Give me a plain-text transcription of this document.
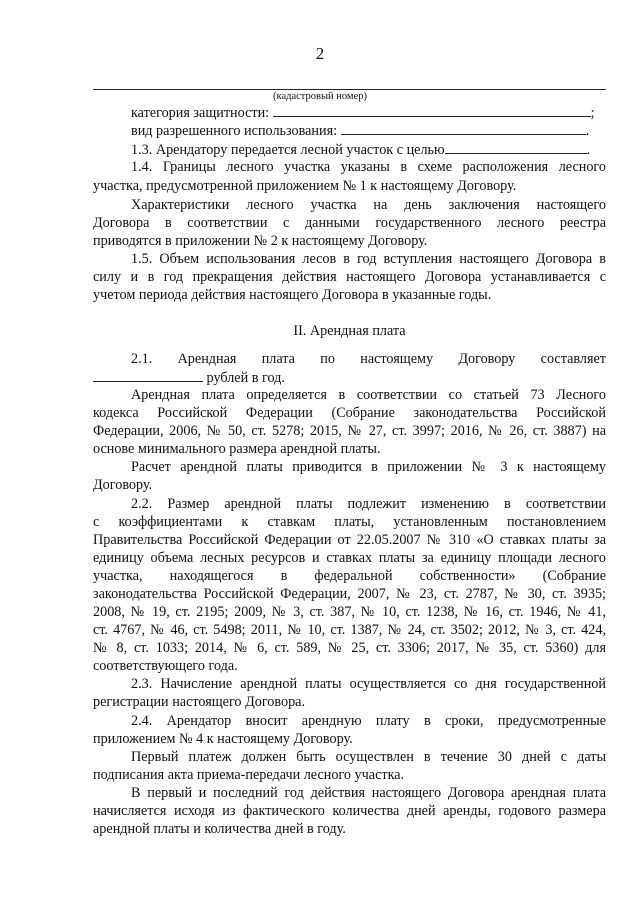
2
(кадастровый номер)
категория защитности:	;
вид разрешенного использования:	.
1.3. Арендатору передается лесной участок с целью	.
1.4. Границы лесного участка указаны в схеме расположения лесного
участка, предусмотренной приложением № 1 к настоящему Договору.
Характеристики лесного участка на день заключения настоящего
Договора в соответствии с данными государственного лесного реестра
приводятся в приложении № 2 к настоящему Договору.
1.5. Объем использования лесов в год вступления настоящего Договора в
силу и в год прекращения действия настоящего Договора устанавливается с
учетом периода действия настоящего Договора в указанные годы.
II. Арендная плата
2.1. Арендная плата по настоящему Договору составляет
рублей в год.
Арендная плата определяется в соответствии со статьей 73 Лесного
кодекса Российской Федерации (Собрание законодательства Российской
Федерации, 2006, № 50, ст. 5278; 2015, № 27, ст. 3997; 2016, № 26, ст. 3887) на
основе минимального размера арендной платы.
Расчет арендной платы приводится в приложении № 3 к настоящему
Договору.
2.2. Размер арендной платы подлежит изменению в соответствии
с коэффициентами к ставкам платы, установленным постановлением
Правительства Российской Федерации от 22.05.2007 № 310 «О ставках платы за
единицу объема лесных ресурсов и ставках платы за единицу площади лесного
участка, находящегося в федеральной собственности» (Собрание
законодательства Российской Федерации, 2007, № 23, ст. 2787, № 30, ст. 3935;
2008, № 19, ст. 2195; 2009, № 3, ст. 387, № 10, ст. 1238, № 16, ст. 1946, № 41,
ст. 4767, № 46, ст. 5498; 2011, № 10, ст. 1387, № 24, ст. 3502; 2012, № 3, ст. 424,
№ 8, ст. 1033; 2014, № 6, ст. 589, № 25, ст. 3306; 2017, № 35, ст. 5360) для
соответствующего года.
2.3. Начисление арендной платы осуществляется со дня государственной
регистрации настоящего Договора.
2.4. Арендатор вносит арендную плату в сроки, предусмотренные
приложением № 4 к настоящему Договору.
Первый платеж должен быть осуществлен в течение 30 дней с даты
подписания акта приема-передачи лесного участка.
В первый и последний год действия настоящего Договора арендная плата
начисляется исходя из фактического количества дней аренды, годового размера
арендной платы и количества дней в году.
